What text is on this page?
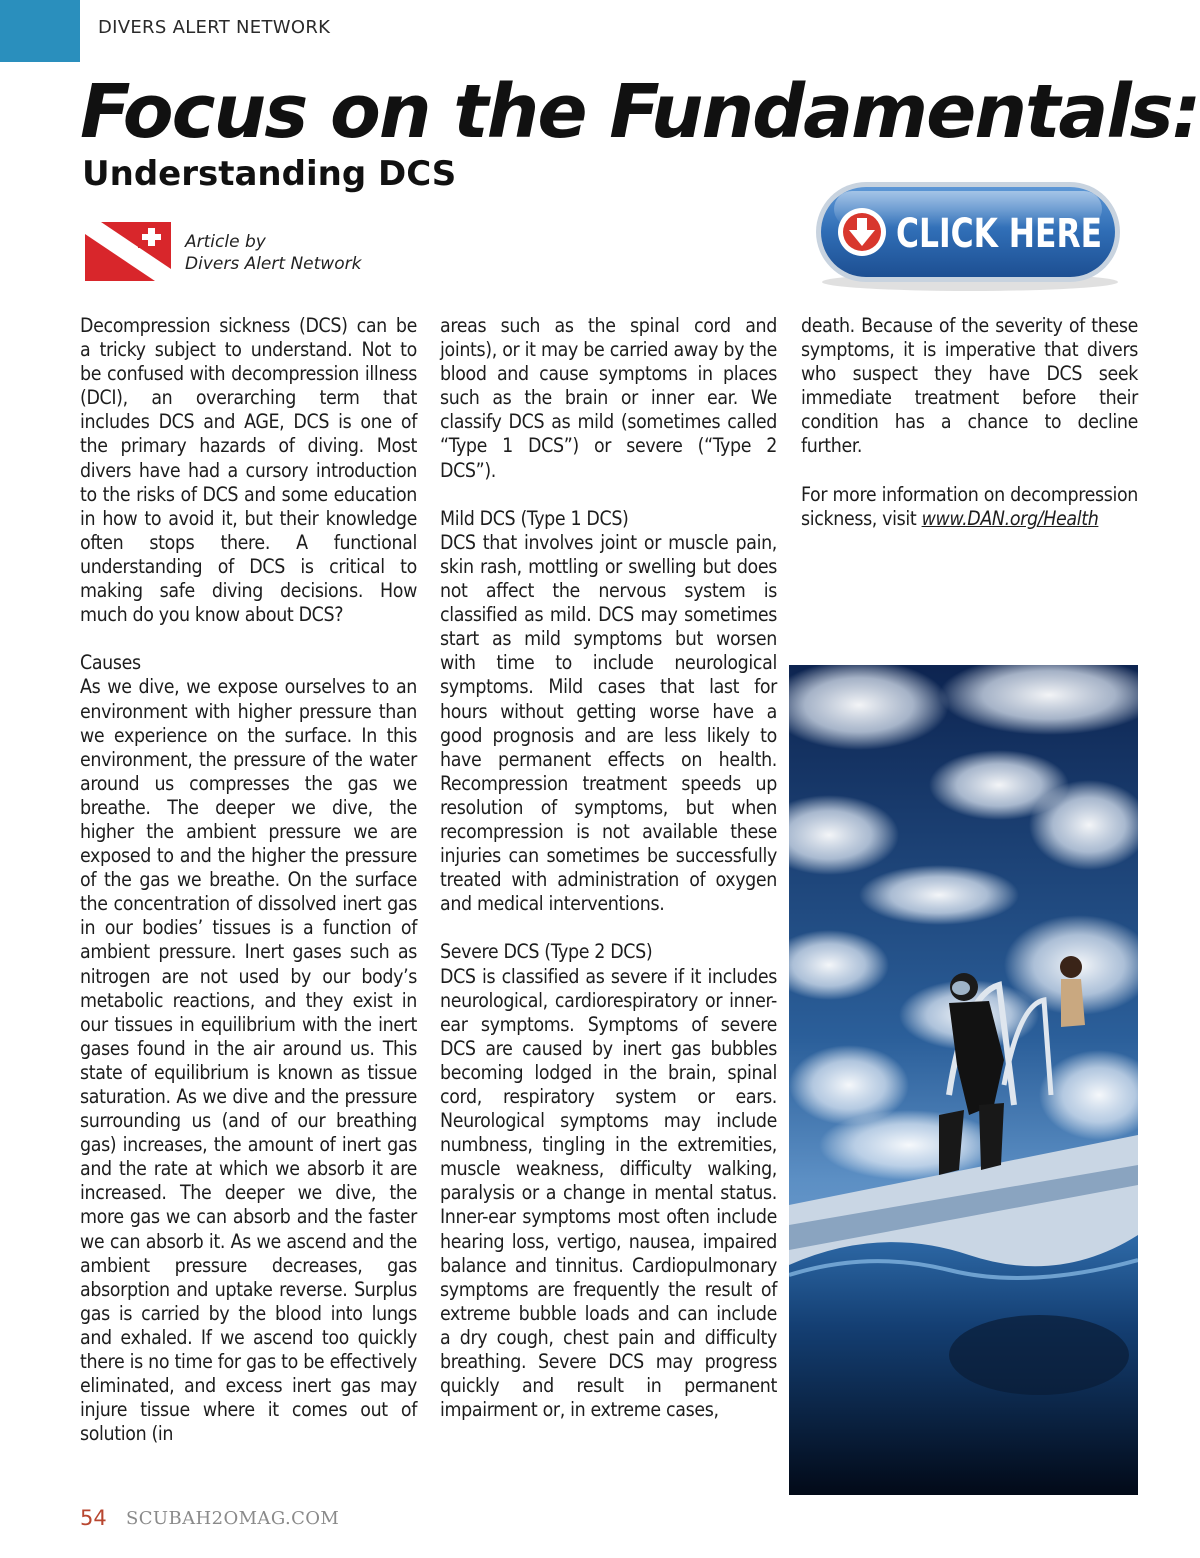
DIVERS ALERT NETWORK
Focus on the Fundamentals:
Understanding DCS
Article by
Divers Alert Network
CLICK HERE

Decompression sickness (DCS) can be a tricky subject to understand. Not to be confused with decompression illness (DCI), an overarching term that includes DCS and AGE, DCS is one of the primary hazards of diving. Most divers have had a cursory introduction to the risks of DCS and some education in how to avoid it, but their knowledge often stops there. A functional understanding of DCS is critical to making safe diving decisions. How much do you know about DCS?

Causes

As we dive, we expose ourselves to an environment with higher pressure than we experience on the surface. In this environment, the pressure of the water around us compresses the gas we breathe. The deeper we dive, the higher the ambient pressure we are exposed to and the higher the pressure of the gas we breathe. On the surface the concentration of dissolved inert gas in our bodies’ tissues is a function of ambient pressure. Inert gases such as nitrogen are not used by our body’s metabolic reactions, and they exist in our tissues in equilibrium with the inert gases found in the air around us. This state of equilibrium is known as tissue saturation. As we dive and the pressure surrounding us (and of our breathing gas) increases, the amount of inert gas and the rate at which we absorb it are increased. The deeper we dive, the more gas we can absorb and the faster we can absorb it. As we ascend and the ambient pressure decreases, gas absorption and uptake reverse. Surplus gas is carried by the blood into lungs and exhaled. If we ascend too quickly there is no time for gas to be effectively eliminated, and excess inert gas may injure tissue where it comes out of solution (in

areas such as the spinal cord and joints), or it may be carried away by the blood and cause symptoms in places such as the brain or inner ear. We classify DCS as mild (sometimes called “Type 1 DCS”) or severe (“Type 2 DCS”).

Mild DCS (Type 1 DCS)

DCS that involves joint or muscle pain, skin rash, mottling or swelling but does not affect the nervous system is classified as mild. DCS may sometimes start as mild symptoms but worsen with time to include neurological symptoms. Mild cases that last for hours without getting worse have a good prognosis and are less likely to have permanent effects on health. Recompression treatment speeds up resolution of symptoms, but when recompression is not available these injuries can sometimes be successfully treated with administration of oxygen and medical interventions.

Severe DCS (Type 2 DCS)

DCS is classified as severe if it includes neurological, cardiorespiratory or inner-ear symptoms. Symptoms of severe DCS are caused by inert gas bubbles becoming lodged in the brain, spinal cord, respiratory system or ears. Neurological symptoms may include numbness, tingling in the extremities, muscle weakness, difficulty walking, paralysis or a change in mental status. Inner-ear symptoms most often include hearing loss, vertigo, nausea, impaired balance and tinnitus. Cardiopulmonary symptoms are frequently the result of extreme bubble loads and can include a dry cough, chest pain and difficulty breathing. Severe DCS may progress quickly and result in permanent impairment or, in extreme cases,

death. Because of the severity of these symptoms, it is imperative that divers who suspect they have DCS seek immediate treatment before their condition has a chance to decline further.

For more information on decompression sickness, visit www.DAN.org/Health

54 SCUBAH2OMAG.COM
